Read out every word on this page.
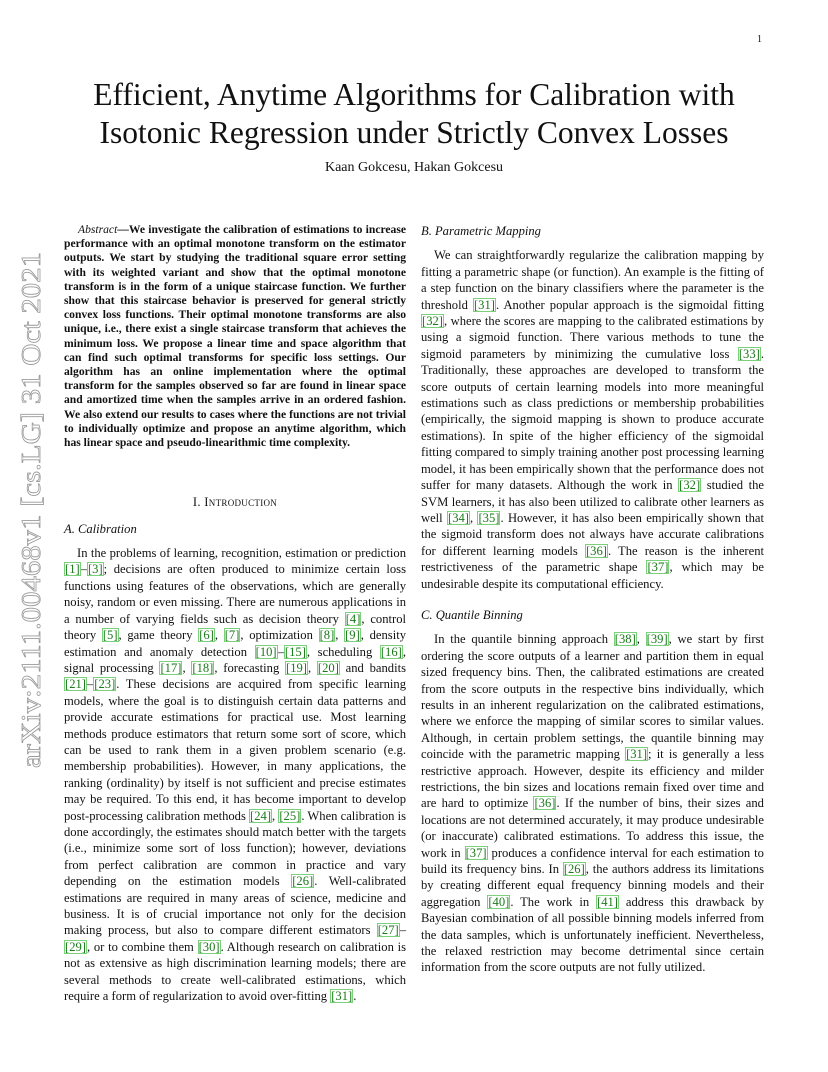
1
arXiv:2111.00468v1 [cs.LG] 31 Oct 2021
Efficient, Anytime Algorithms for Calibration with Isotonic Regression under Strictly Convex Losses
Kaan Gokcesu, Hakan Gokcesu

Abstract—We investigate the calibration of estimations to increase performance with an optimal monotone transform on the estimator outputs. We start by studying the traditional square error setting with its weighted variant and show that the optimal monotone transform is in the form of a unique staircase function. We further show that this staircase behavior is preserved for general strictly convex loss functions. Their optimal monotone transforms are also unique, i.e., there exist a single staircase transform that achieves the minimum loss. We propose a linear time and space algorithm that can find such optimal transforms for specific loss settings. Our algorithm has an online implementation where the optimal transform for the samples observed so far are found in linear space and amortized time when the samples arrive in an ordered fashion. We also extend our results to cases where the functions are not trivial to individually optimize and propose an anytime algorithm, which has linear space and pseudo-linearithmic time complexity.

I. Introduction
A. Calibration

In the problems of learning, recognition, estimation or prediction [1]–[3]; decisions are often produced to minimize certain loss functions using features of the observations, which are generally noisy, random or even missing. There are numerous applications in a number of varying fields such as decision theory [4], control theory [5], game theory [6], [7], optimization [8], [9], density estimation and anomaly detection [10]–[15], scheduling [16], signal processing [17], [18], forecasting [19], [20] and bandits [21]–[23]. These decisions are acquired from specific learning models, where the goal is to distinguish certain data patterns and provide accurate estimations for practical use. Most learning methods produce estimators that return some sort of score, which can be used to rank them in a given problem scenario (e.g. membership probabilities). However, in many applications, the ranking (ordinality) by itself is not sufficient and precise estimates may be required. To this end, it has become important to develop post-processing calibration methods [24], [25]. When calibration is done accordingly, the estimates should match better with the targets (i.e., minimize some sort of loss function); however, deviations from perfect calibration are common in practice and vary depending on the estimation models [26]. Well-calibrated estimations are required in many areas of science, medicine and business. It is of crucial importance not only for the decision making process, but also to compare different estimators [27]–[29], or to combine them [30]. Although research on calibration is not as extensive as high discrimination learning models; there are several methods to create well-calibrated estimations, which require a form of regularization to avoid over-fitting [31].

B. Parametric Mapping

We can straightforwardly regularize the calibration mapping by fitting a parametric shape (or function). An example is the fitting of a step function on the binary classifiers where the parameter is the threshold [31]. Another popular approach is the sigmoidal fitting [32], where the scores are mapping to the calibrated estimations by using a sigmoid function. There various methods to tune the sigmoid parameters by minimizing the cumulative loss [33]. Traditionally, these approaches are developed to transform the score outputs of certain learning models into more meaningful estimations such as class predictions or membership probabilities (empirically, the sigmoid mapping is shown to produce accurate estimations). In spite of the higher efficiency of the sigmoidal fitting compared to simply training another post processing learning model, it has been empirically shown that the performance does not suffer for many datasets. Although the work in [32] studied the SVM learners, it has also been utilized to calibrate other learners as well [34], [35]. However, it has also been empirically shown that the sigmoid transform does not always have accurate calibrations for different learning models [36]. The reason is the inherent restrictiveness of the parametric shape [37], which may be undesirable despite its computational efficiency.

C. Quantile Binning

In the quantile binning approach [38], [39], we start by first ordering the score outputs of a learner and partition them in equal sized frequency bins. Then, the calibrated estimations are created from the score outputs in the respective bins individually, which results in an inherent regularization on the calibrated estimations, where we enforce the mapping of similar scores to similar values. Although, in certain problem settings, the quantile binning may coincide with the parametric mapping [31]; it is generally a less restrictive approach. However, despite its efficiency and milder restrictions, the bin sizes and locations remain fixed over time and are hard to optimize [36]. If the number of bins, their sizes and locations are not determined accurately, it may produce undesirable (or inaccurate) calibrated estimations. To address this issue, the work in [37] produces a confidence interval for each estimation to build its frequency bins. In [26], the authors address its limitations by creating different equal frequency binning models and their aggregation [40]. The work in [41] address this drawback by Bayesian combination of all possible binning models inferred from the data samples, which is unfortunately inefficient. Nevertheless, the relaxed restriction may become detrimental since certain information from the score outputs are not fully utilized.
